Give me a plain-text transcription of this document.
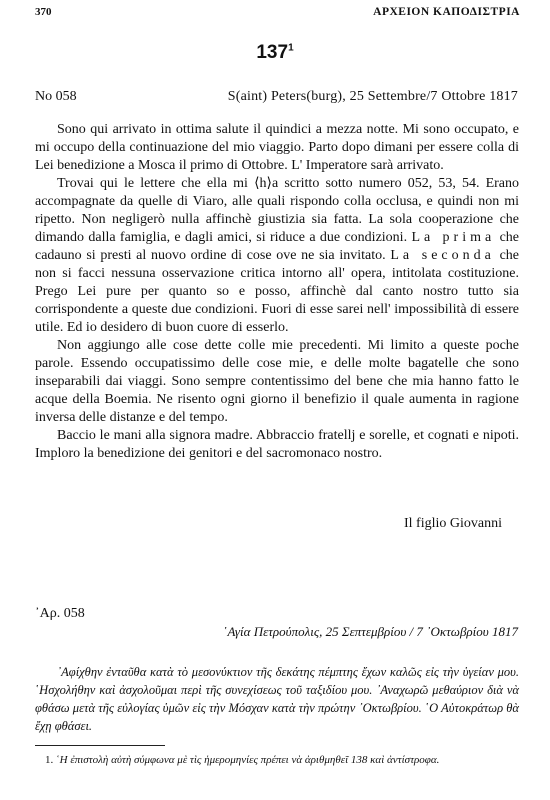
370	ΑΡΧΕΙΟΝ ΚΑΠΟΔΙΣΤΡΙΑ
$137^1$
No 058	S(aint) Peters(burg), 25 Settembre/7 Ottobre 1817

Sono qui arrivato in ottima salute il quindici a mezza notte. Mi sono occupato, e mi occupo della continuazione del mio viaggio. Parto dopo dimani per essere colla di Lei benedizione a Mosca il primo di Ottobre. L' Imperatore sarà arrivato.

Trovai qui le lettere che ella mi ⟨h⟩a scritto sotto numero 052, 53, 54. Erano accompagnate da quelle di Viaro, alle quali rispondo colla occlusa, e quindi non mi ripetto. Non negligerò nulla affinchè giustizia sia fatta. La sola cooperazione che dimando dalla famiglia, e dagli amici, si riduce a due condizioni. La prima che cadauno si presti al nuovo ordine di cose ove ne sia invitato. La seconda che non si facci nessuna osservazione critica intorno all' opera, intitolata costituzione. Prego Lei pure per quanto so e posso, affinchè dal canto nostro tutto sia corrispondente a queste due condizioni. Fuori di esse sarei nell' impossibilità di essere utile. Ed io desidero di buon cuore di esserlo.

Non aggiungo alle cose dette colle mie precedenti. Mi limito a queste poche parole. Essendo occupatissimo delle cose mie, e delle molte bagatelle che sono inseparabili dai viaggi. Sono sempre contentissimo del bene che mia hanno fatto le acque della Boemia. Ne risento ogni giorno il benefizio il quale aumenta in ragione inversa delle distanze e del tempo.

Baccio le mani alla signora madre. Abbraccio fratellj e sorelle, et cognati e nipoti. Imploro la benedizione dei genitori e del sacromonaco nostro.

Il figlio Giovanni
᾽Αρ. 058
῾Αγία Πετρούπολις, 25 Σεπτεμβρίου / 7 ᾽Οκτωβρίου 1817

᾽Αφίχθην ἐνταῦθα κατὰ τὸ μεσονύκτιον τῆς δεκάτης πέμπτης ἔχων καλῶς εἰς τὴν ὑγείαν μου. ῾Ησχολήθην καὶ ἀσχολοῦμαι περὶ τῆς συνεχίσεως τοῦ ταξιδίου μου. ᾽Αναχωρῶ μεθαύριον διὰ νὰ φθάσω μετὰ τῆς εὐλογίας ὑμῶν εἰς τὴν Μόσχαν κατὰ τὴν πρώτην ᾽Οκτωβρίου. ῾Ο Αὐτοκράτωρ θὰ ἔχῃ φθάσει.

1. ῾Η ἐπιστολὴ αὐτὴ σύμφωνα μὲ τὶς ἡμερομηνίες πρέπει νὰ ἀριθμηθεῖ 138 καὶ ἀντίστροφα.
